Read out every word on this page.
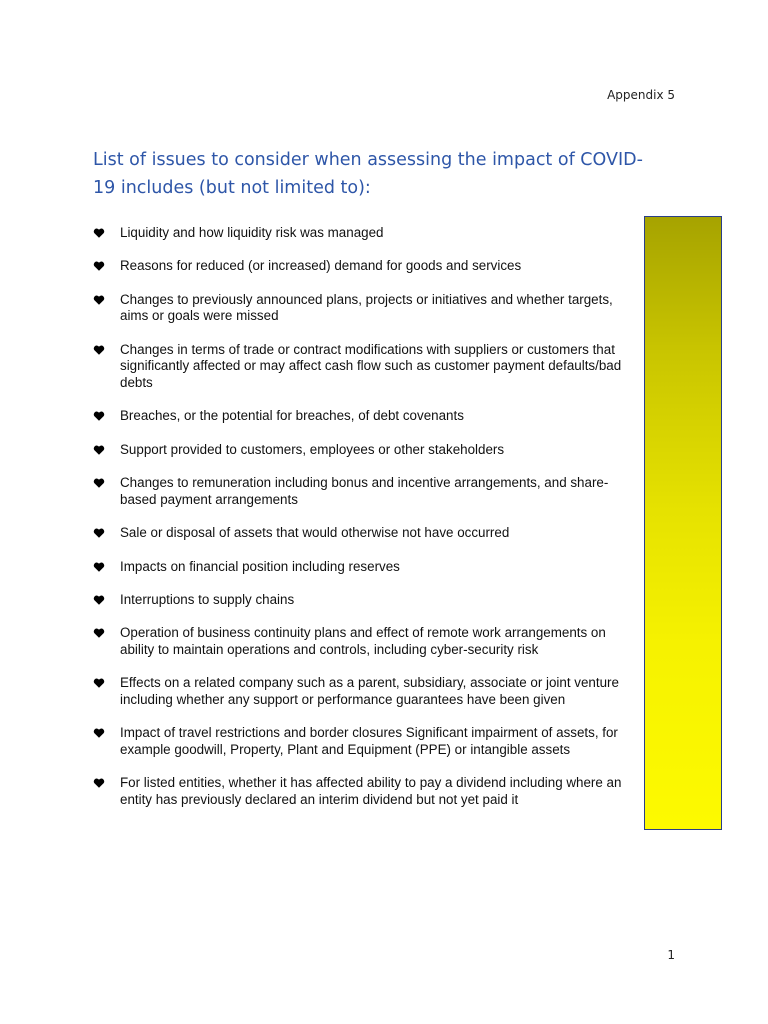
Appendix 5
List of issues to consider when assessing the impact of COVID-19 includes (but not limited to):
Liquidity and how liquidity risk was managed
Reasons for reduced (or increased) demand for goods and services
Changes to previously announced plans, projects or initiatives and whether targets, aims or goals were missed
Changes in terms of trade or contract modifications with suppliers or customers that significantly affected or may affect cash flow such as customer payment defaults/bad debts
Breaches, or the potential for breaches, of debt covenants
Support provided to customers, employees or other stakeholders
Changes to remuneration including bonus and incentive arrangements, and share-based payment arrangements
Sale or disposal of assets that would otherwise not have occurred
Impacts on financial position including reserves
Interruptions to supply chains
Operation of business continuity plans and effect of remote work arrangements on ability to maintain operations and controls, including cyber-security risk
Effects on a related company such as a parent, subsidiary, associate or joint venture including whether any support or performance guarantees have been given
Impact of travel restrictions and border closures Significant impairment of assets, for example goodwill, Property, Plant and Equipment (PPE) or intangible assets
For listed entities, whether it has affected ability to pay a dividend including where an entity has previously declared an interim dividend but not yet paid it
1
